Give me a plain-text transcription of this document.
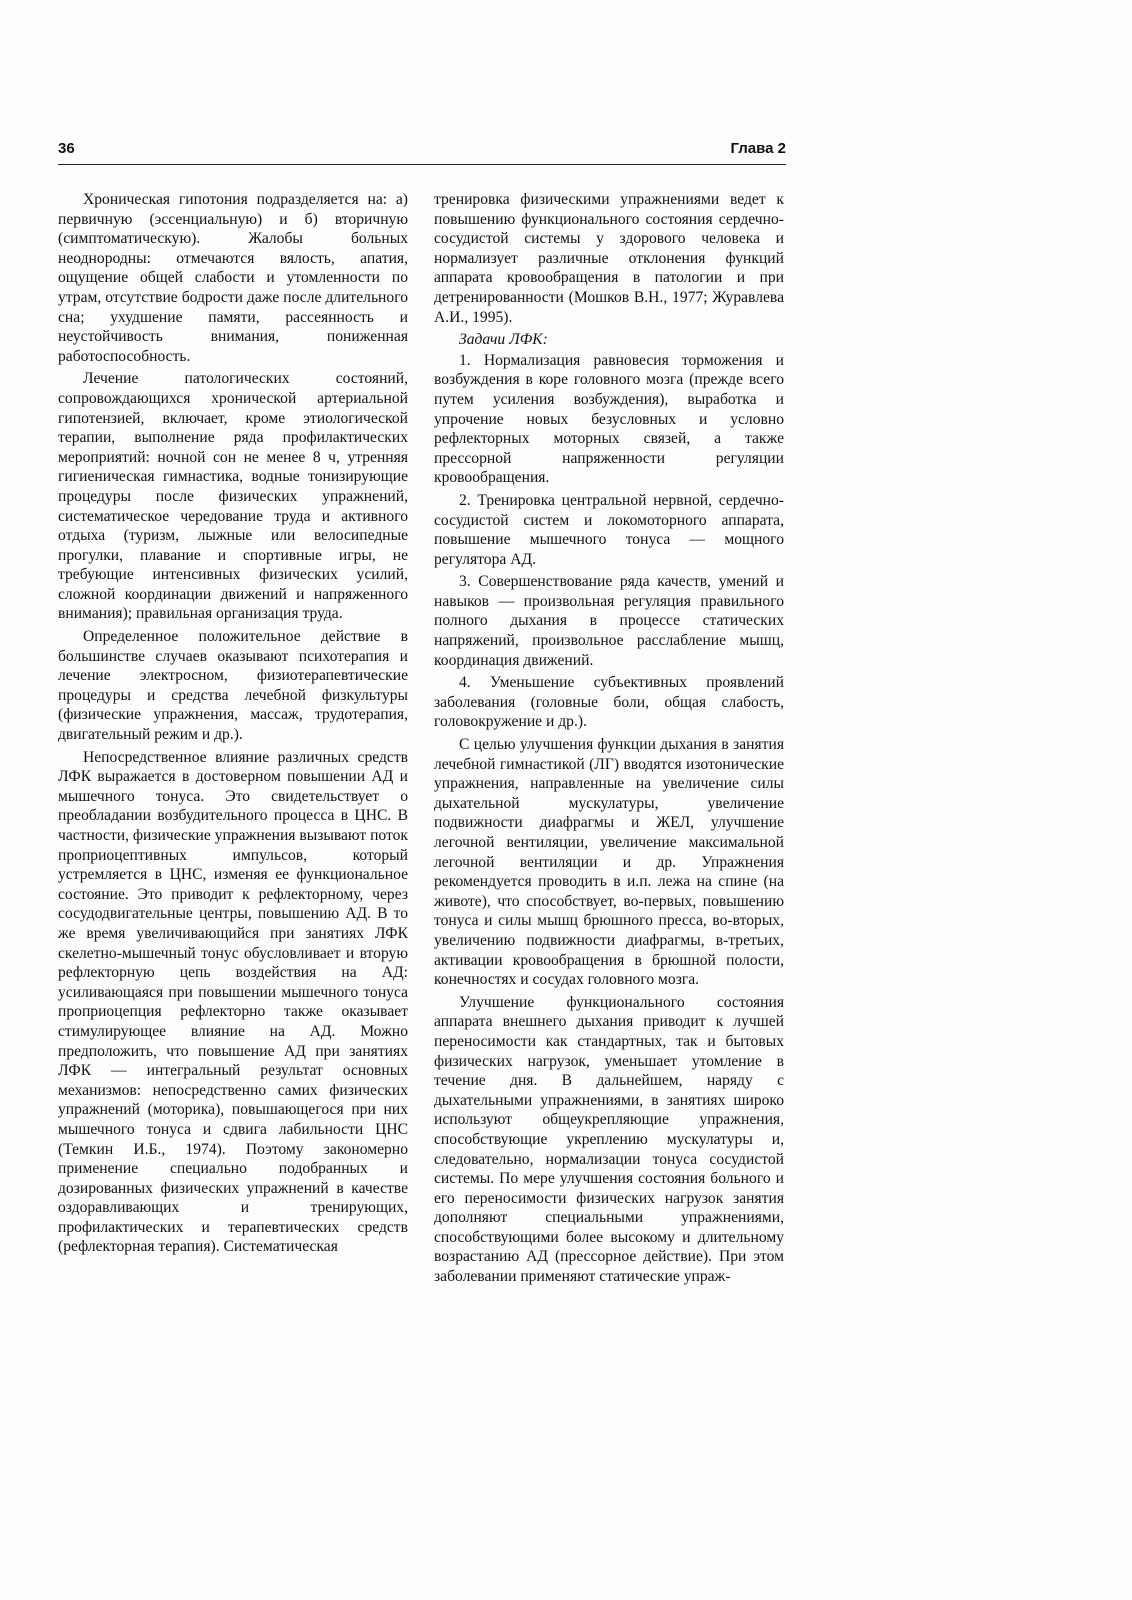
36	Глава 2

Хроническая гипотония подразделяется на: а) первичную (эссенциальную) и б) вторичную (симптоматическую). Жалобы больных неоднородны: отмечаются вялость, апатия, ощущение общей слабости и утомленности по утрам, отсутствие бодрости даже после длительного сна; ухудшение памяти, рассеянность и неустойчивость внимания, пониженная работоспособность.

Лечение патологических состояний, сопровождающихся хронической артериальной гипотензией, включает, кроме этиологической терапии, выполнение ряда профилактических мероприятий: ночной сон не менее 8 ч, утренняя гигиеническая гимнастика, водные тонизирующие процедуры после физических упражнений, систематическое чередование труда и активного отдыха (туризм, лыжные или велосипедные прогулки, плавание и спортивные игры, не требующие интенсивных физических усилий, сложной координации движений и напряженного внимания); правильная организация труда.

Определенное положительное действие в большинстве случаев оказывают психотерапия и лечение электросном, физиотерапевтические процедуры и средства лечебной физкультуры (физические упражнения, массаж, трудотерапия, двигательный режим и др.).

Непосредственное влияние различных средств ЛФК выражается в достоверном повышении АД и мышечного тонуса. Это свидетельствует о преобладании возбудительного процесса в ЦНС. В частности, физические упражнения вызывают поток проприоцептивных импульсов, который устремляется в ЦНС, изменяя ее функциональное состояние. Это приводит к рефлекторному, через сосудодвигательные центры, повышению АД. В то же время увеличивающийся при занятиях ЛФК скелетно-мышечный тонус обусловливает и вторую рефлекторную цепь воздействия на АД: усиливающаяся при повышении мышечного тонуса проприоцепция рефлекторно также оказывает стимулирующее влияние на АД. Можно предположить, что повышение АД при занятиях ЛФК — интегральный результат основных механизмов: непосредственно самих физических упражнений (моторика), повышающегося при них мышечного тонуса и сдвига лабильности ЦНС (Темкин И.Б., 1974). Поэтому закономерно применение специально подобранных и дозированных физических упражнений в качестве оздоравливающих и тренирующих, профилактических и терапевтических средств (рефлекторная терапия). Систематическая

тренировка физическими упражнениями ведет к повышению функционального состояния сердечно-сосудистой системы у здорового человека и нормализует различные отклонения функций аппарата кровообращения в патологии и при детренированности (Мошков В.Н., 1977; Журавлева А.И., 1995).

Задачи ЛФК:

1. Нормализация равновесия торможения и возбуждения в коре головного мозга (прежде всего путем усиления возбуждения), выработка и упрочение новых безусловных и условно рефлекторных моторных связей, а также прессорной напряженности регуляции кровообращения.

2. Тренировка центральной нервной, сердечно-сосудистой систем и локомоторного аппарата, повышение мышечного тонуса — мощного регулятора АД.

3. Совершенствование ряда качеств, умений и навыков — произвольная регуляция правильного полного дыхания в процессе статических напряжений, произвольное расслабление мышц, координация движений.

4. Уменьшение субъективных проявлений заболевания (головные боли, общая слабость, головокружение и др.).

С целью улучшения функции дыхания в занятия лечебной гимнастикой (ЛГ) вводятся изотонические упражнения, направленные на увеличение силы дыхательной мускулатуры, увеличение подвижности диафрагмы и ЖЕЛ, улучшение легочной вентиляции, увеличение максимальной легочной вентиляции и др. Упражнения рекомендуется проводить в и.п. лежа на спине (на животе), что способствует, во-первых, повышению тонуса и силы мышц брюшного пресса, во-вторых, увеличению подвижности диафрагмы, в-третьих, активации кровообращения в брюшной полости, конечностях и сосудах головного мозга.

Улучшение функционального состояния аппарата внешнего дыхания приводит к лучшей переносимости как стандартных, так и бытовых физических нагрузок, уменьшает утомление в течение дня. В дальнейшем, наряду с дыхательными упражнениями, в занятиях широко используют общеукрепляющие упражнения, способствующие укреплению мускулатуры и, следовательно, нормализации тонуса сосудистой системы. По мере улучшения состояния больного и его переносимости физических нагрузок занятия дополняют специальными упражнениями, способствующими более высокому и длительному возрастанию АД (прессорное действие). При этом заболевании применяют статические упраж-
